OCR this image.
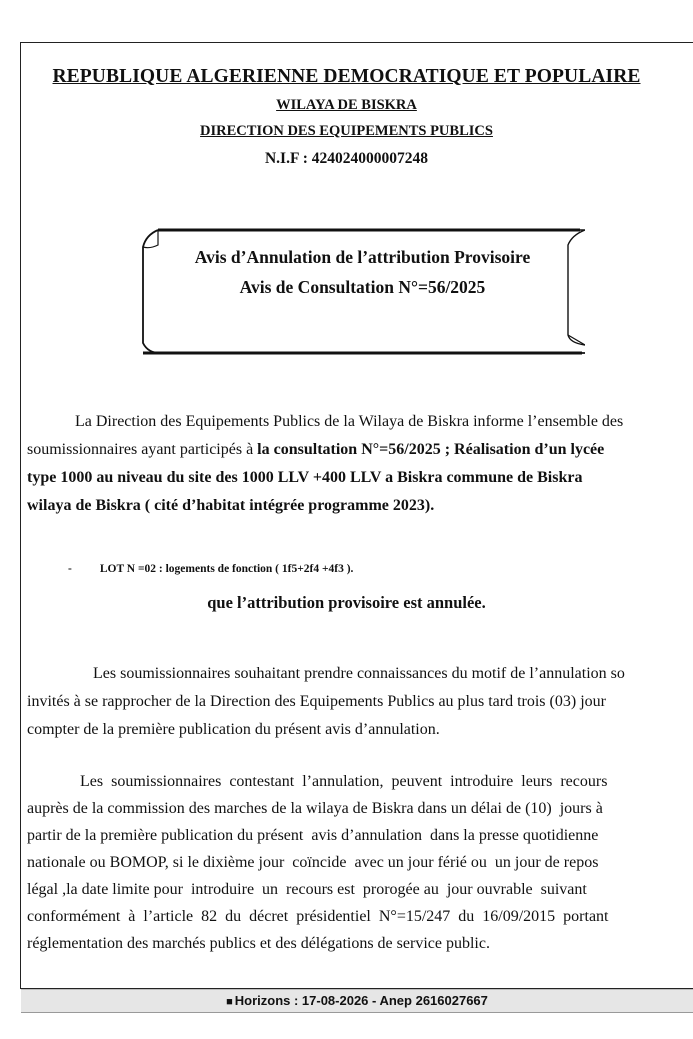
REPUBLIQUE ALGERIENNE DEMOCRATIQUE ET POPULAIRE
WILAYA DE BISKRA
DIRECTION DES EQUIPEMENTS PUBLICS
N.I.F : 424024000007248
Avis d’Annulation de l’attribution Provisoire
Avis de Consultation N°=56/2025
La Direction des Equipements Publics de la Wilaya de Biskra informe l’ensemble des
soumissionnaires ayant participés à la consultation N°=56/2025 ; Réalisation d’un lycée
type 1000 au niveau du site des 1000 LLV +400 LLV a Biskra commune de Biskra
wilaya de Biskra ( cité d’habitat intégrée programme 2023).
- LOT N =02 : logements de fonction ( 1f5+2f4 +4f3 ).
que l’attribution provisoire est annulée.
Les soumissionnaires souhaitant prendre connaissances du motif de l’annulation so
invités à se rapprocher de la Direction des Equipements Publics au plus tard trois (03) jour
compter de la première publication du présent avis d’annulation.
Les  soumissionnaires  contestant  l’annulation,  peuvent  introduire  leurs  recours
auprès de la commission des marches de la wilaya de Biskra dans un délai de (10)  jours à
partir de la première publication du présent  avis d’annulation  dans la presse quotidienne
nationale ou BOMOP, si le dixième jour  coïncide  avec un jour férié ou  un jour de repos
légal ,la date limite pour  introduire  un  recours est  prorogée au  jour ouvrable  suivant
conformément  à  l’article  82  du  décret  présidentiel  N°=15/247  du  16/09/2015  portant
réglementation des marchés publics et des délégations de service public.
■ Horizons : 17-08-2026 - Anep 2616027667
